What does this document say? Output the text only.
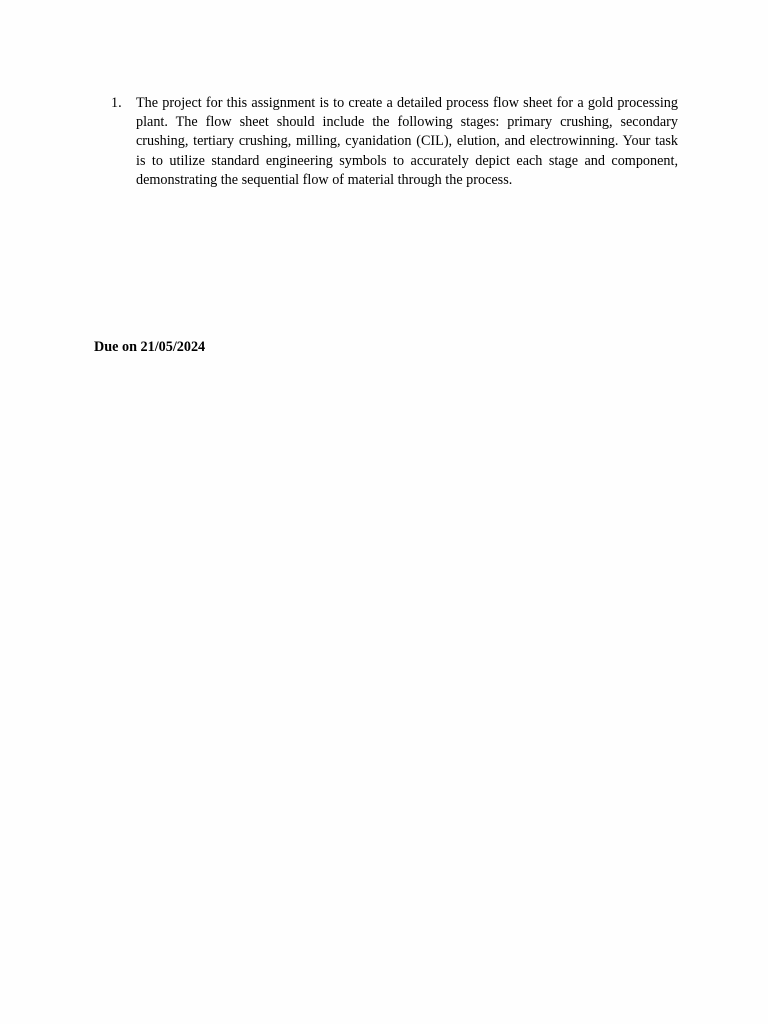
1.	The project for this assignment is to create a detailed process flow sheet for a gold processing plant. The flow sheet should include the following stages: primary crushing, secondary crushing, tertiary crushing, milling, cyanidation (CIL), elution, and electrowinning. Your task is to utilize standard engineering symbols to accurately depict each stage and component, demonstrating the sequential flow of material through the process.

Due on 21/05/2024
